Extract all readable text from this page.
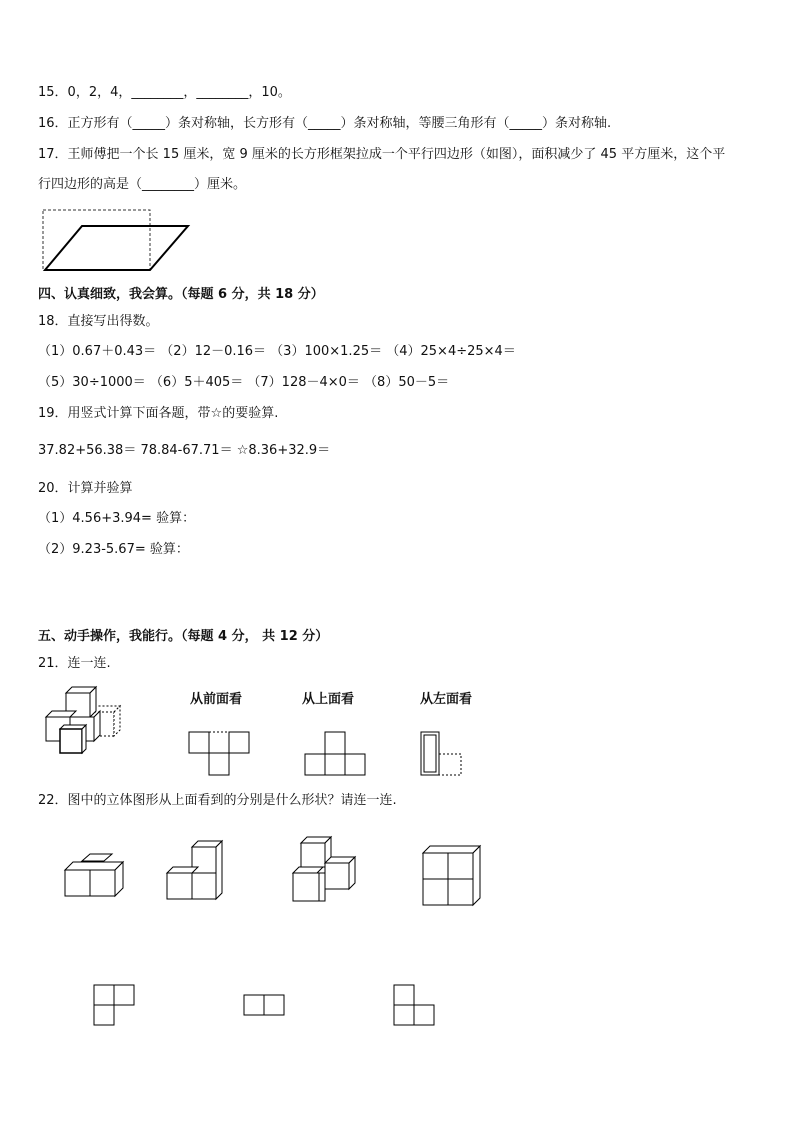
15．0，2，4，________，________，10。
16．正方形有（_____）条对称轴，长方形有（_____）条对称轴，等腰三角形有（_____）条对称轴.
17．王师傅把一个长 15 厘米，宽 9 厘米的长方形框架拉成一个平行四边形（如图），面积减少了 45 平方厘米，这个平
行四边形的高是（________）厘米。
四、认真细致，我会算。（每题 6 分，共 18 分）
18．直接写出得数。
（1）0.67＋0.43＝ （2）12－0.16＝ （3）100×1.25＝ （4）25×4÷25×4＝
（5）30÷1000＝ （6）5＋405＝ （7）128－4×0＝ （8）50－5＝
19．用竖式计算下面各题，带☆的要验算.
37.82+56.38＝ 78.84-67.71＝ ☆8.36+32.9＝
20．计算并验算
（1）4.56+3.94= 验算：
（2）9.23-5.67= 验算：
五、动手操作，我能行。（每题 4 分， 共 12 分）
21．连一连.
从前面看	从上面看	从左面看
22．图中的立体图形从上面看到的分别是什么形状？请连一连.
